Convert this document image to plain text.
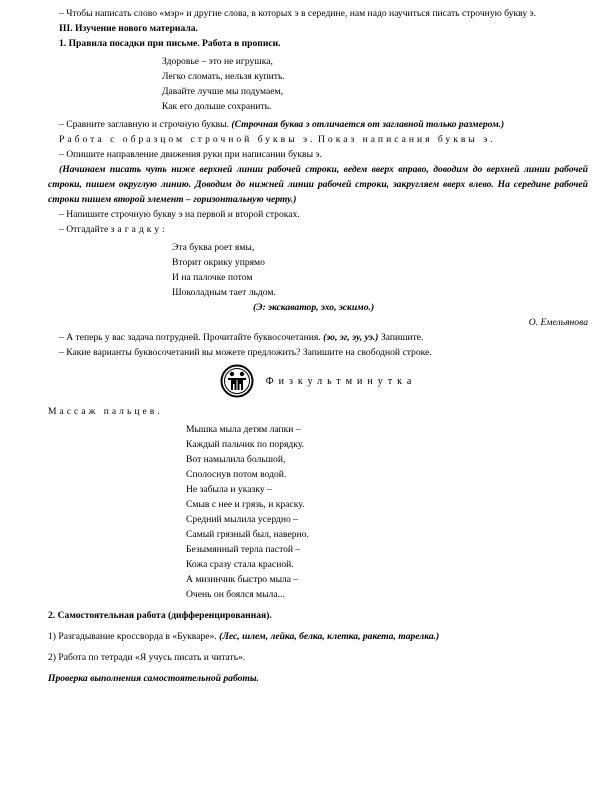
– Чтобы написать слово «мэр» и другие слова, в которых э в середине, нам надо научиться писать строчную букву э.

III. Изучение нового материала.

1. Правила посадки при письме. Работа в прописи.

Здоровье – это не игрушка,

Легко сломать, нельзя купить.

Давайте лучше мы подумаем,

Как его дольше сохранить.

– Сравните заглавную и строчную буквы. (Строчная буква э отличается от заглавной только размером.)

Работа с образцом строчной буквы э. Показ написания буквы э.

– Опишите направление движения руки при написании буквы э.

(Начинаем писать чуть ниже верхней линии рабочей строки, ведем вверх вправо, доводим до верхней линии рабочей строки, пишем округлую линию. Доводим до нижней линии рабочей строки, закругляем вверх влево. На середине рабочей строки пишем второй элемент – горизонтальную черту.)

– Напишите строчную букву э на первой и второй строках.

– Отгадайте загадку:

Эта буква роет ямы,

Вторит окрику упрямо

И на палочке потом

Шоколадным тает льдом.

(Э: экскаватор, эхо, эскимо.)

О. Емельянова

– А теперь у вас задача потрудней. Прочитайте буквосочетания. (эо, эг, эу, уэ.) Запишите.

– Какие варианты буквосочетаний вы можете предложить? Запишите на свободной строке.

Физкультминутка

Массаж пальцев.

Мышка мыла детям лапки –

Каждый пальчик по порядку.

Вот намылила большой,

Сполоснув потом водой.

Не забыла и указку –

Смыв с нее и грязь, и краску.

Средний мылила усердно –

Самый грязный был, наверно.

Безымянный терла пастой –

Кожа сразу стала красной.

А мизинчик быстро мыла –

Очень он боялся мыла...

2. Самостоятельная работа (дифференцированная).

1) Разгадывание кроссворда в «Букваре». (Лес, шлем, лейка, белка, клетка, ракета, тарелка.)

2) Работа по тетради «Я учусь писать и читать».

Проверка выполнения самостоятельной работы.
